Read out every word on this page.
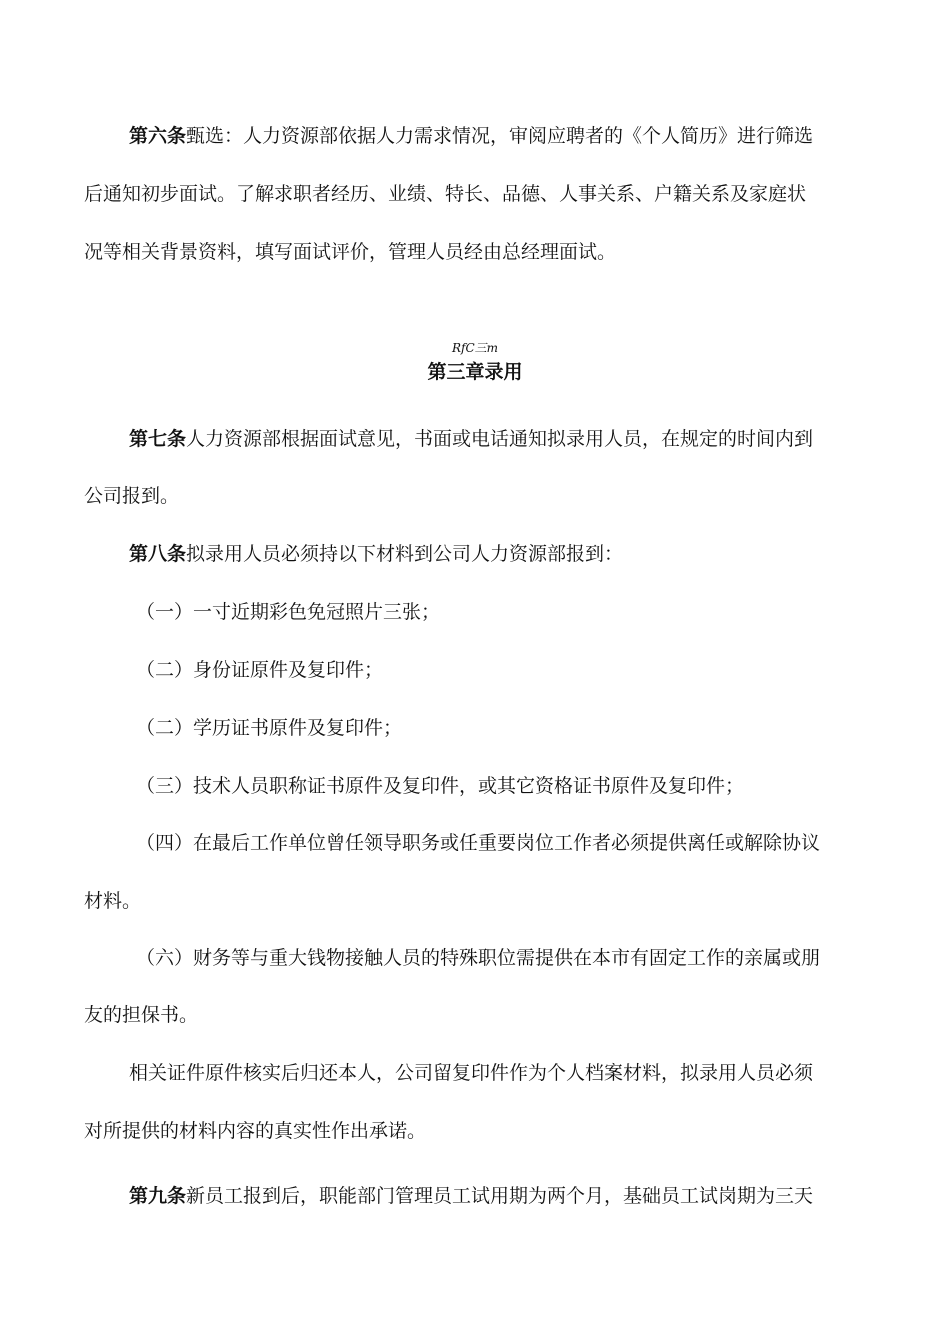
第六条甄选：人力资源部依据人力需求情况，审阅应聘者的《个人简历》进行筛选
后通知初步面试。了解求职者经历、业绩、特长、品德、人事关系、户籍关系及家庭状
况等相关背景资料，填写面试评价，管理人员经由总经理面试。
RfC三m
第三章录用
第七条人力资源部根据面试意见，书面或电话通知拟录用人员，在规定的时间内到
公司报到。
第八条拟录用人员必须持以下材料到公司人力资源部报到：
（一）一寸近期彩色免冠照片三张；
（二）身份证原件及复印件；
（二）学历证书原件及复印件；
（三）技术人员职称证书原件及复印件，或其它资格证书原件及复印件；
（四）在最后工作单位曾任领导职务或任重要岗位工作者必须提供离任或解除协议
材料。
（六）财务等与重大钱物接触人员的特殊职位需提供在本市有固定工作的亲属或朋
友的担保书。
相关证件原件核实后归还本人，公司留复印件作为个人档案材料，拟录用人员必须
对所提供的材料内容的真实性作出承诺。
第九条新员工报到后，职能部门管理员工试用期为两个月，基础员工试岗期为三天
